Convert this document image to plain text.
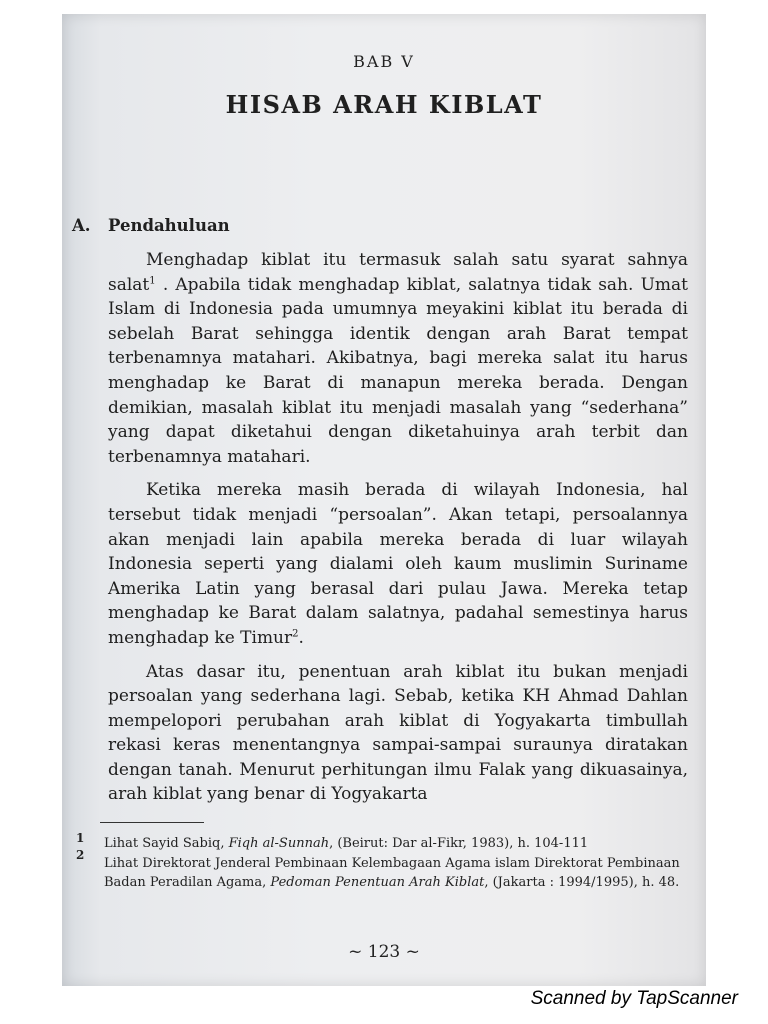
BAB V
HISAB ARAH KIBLAT
A. Pendahuluan

Menghadap kiblat itu termasuk salah satu syarat sahnya salat$^1$ . Apabila tidak menghadap kiblat, salatnya tidak sah. Umat Islam di Indonesia pada umumnya meyakini kiblat itu berada di sebelah Barat sehingga identik dengan arah Barat tempat terbenamnya matahari. Akibatnya, bagi mereka salat itu harus menghadap ke Barat di manapun mereka berada. Dengan demikian, masalah kiblat itu menjadi masalah yang “sederhana” yang dapat diketahui dengan diketahuinya arah terbit dan terbenamnya matahari.

Ketika mereka masih berada di wilayah Indonesia, hal tersebut tidak menjadi “persoalan”. Akan tetapi, persoalannya akan menjadi lain apabila mereka berada di luar wilayah Indonesia seperti yang dialami oleh kaum muslimin Suriname Amerika Latin yang berasal dari pulau Jawa. Mereka tetap menghadap ke Barat dalam salatnya, padahal semestinya harus menghadap ke Timur$^2$.

Atas dasar itu, penentuan arah kiblat itu bukan menjadi persoalan yang sederhana lagi. Sebab, ketika KH Ahmad Dahlan mempelopori perubahan arah kiblat di Yogyakarta timbullah rekasi keras menentangnya sampai-sampai suraunya diratakan dengan tanah. Menurut perhitungan ilmu Falak yang dikuasainya, arah kiblat yang benar di Yogyakarta

1
2

Lihat Sayid Sabiq, Fiqh al-Sunnah, (Beirut: Dar al-Fikr, 1983), h. 104-111

Lihat Direktorat Jenderal Pembinaan Kelembagaan Agama islam Direktorat Pembinaan Badan Peradilan Agama, Pedoman Penentuan Arah Kiblat, (Jakarta : 1994/1995), h. 48.

~ 123 ~
Scanned by TapScanner
